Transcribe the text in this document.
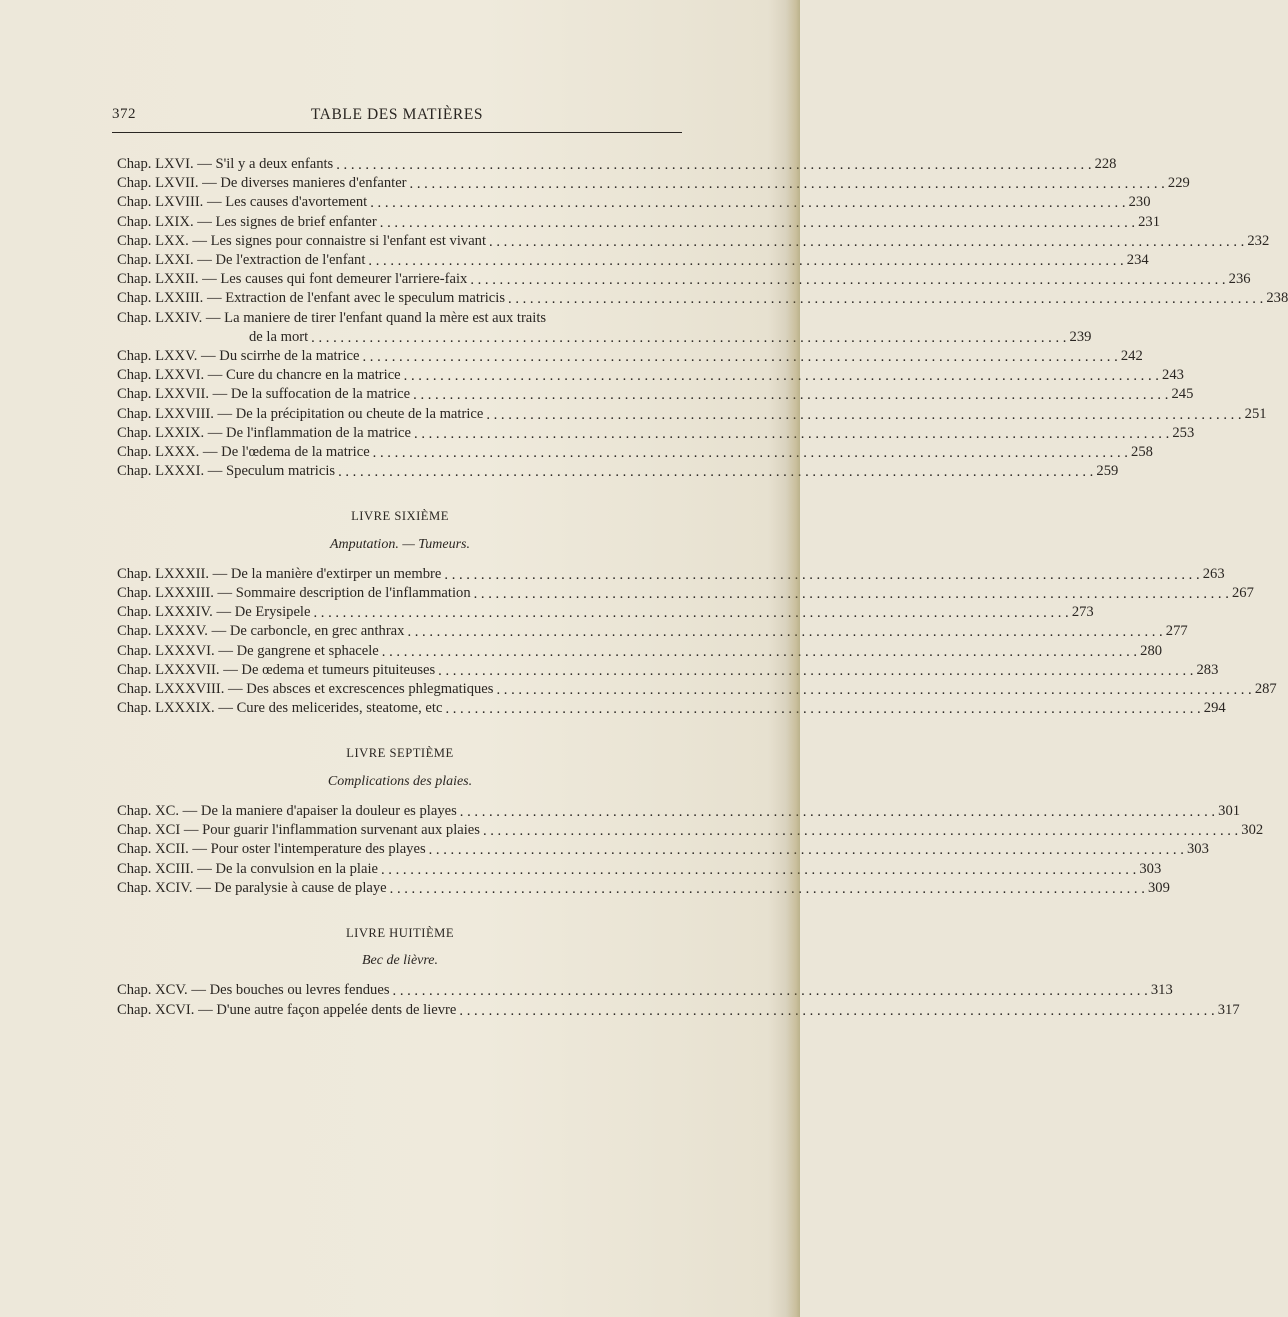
372	TABLE DES MATIÈRES
Chap. LXVI. — S'il y a deux enfants . . .	228
Chap. LXVII. — De diverses manieres d'enfanter . . .	229
Chap. LXVIII. — Les causes d'avortement . . .	230
Chap. LXIX. — Les signes de brief enfanter . . .	231
Chap. LXX. — Les signes pour connaistre si l'enfant est vivant . . .	232
Chap. LXXI. — De l'extraction de l'enfant . . .	234
Chap. LXXII. — Les causes qui font demeurer l'arriere-faix . . .	236
Chap. LXXIII. — Extraction de l'enfant avec le speculum matricis . . .	238
Chap. LXXIV. — La maniere de tirer l'enfant quand la mère est aux traits
de la mort . . .	239
Chap. LXXV. — Du scirrhe de la matrice . . .	242
Chap. LXXVI. — Cure du chancre en la matrice . . .	243
Chap. LXXVII. — De la suffocation de la matrice . . .	245
Chap. LXXVIII. — De la précipitation ou cheute de la matrice . . .	251
Chap. LXXIX. — De l'inflammation de la matrice . . .	253
Chap. LXXX. — De l'œdema de la matrice . . .	258
Chap. LXXXI. — Speculum matricis . . .	259
LIVRE SIXIÈME
Amputation. — Tumeurs.
Chap. LXXXII. — De la manière d'extirper un membre . . .	263
Chap. LXXXIII. — Sommaire description de l'inflammation . . .	267
Chap. LXXXIV. — De Erysipele . . .	273
Chap. LXXXV. — De carboncle, en grec anthrax . . .	277
Chap. LXXXVI. — De gangrene et sphacele . . .	280
Chap. LXXXVII. — De œdema et tumeurs pituiteuses . . .	283
Chap. LXXXVIII. — Des absces et excrescences phlegmatiques . . .	287
Chap. LXXXIX. — Cure des melicerides, steatome, etc . . .	294
LIVRE SEPTIÈME
Complications des plaies.
Chap. XC. — De la maniere d'apaiser la douleur es playes . . .	301
Chap. XCI — Pour guarir l'inflammation survenant aux plaies . . .	302
Chap. XCII. — Pour oster l'intemperature des playes . . .	303
Chap. XCIII. — De la convulsion en la plaie . . .	303
Chap. XCIV. — De paralysie à cause de playe . . .	309
LIVRE HUITIÈME
Bec de lièvre.
Chap. XCV. — Des bouches ou levres fendues . . .	313
Chap. XCVI. — D'une autre façon appelée dents de lievre . . .	317
